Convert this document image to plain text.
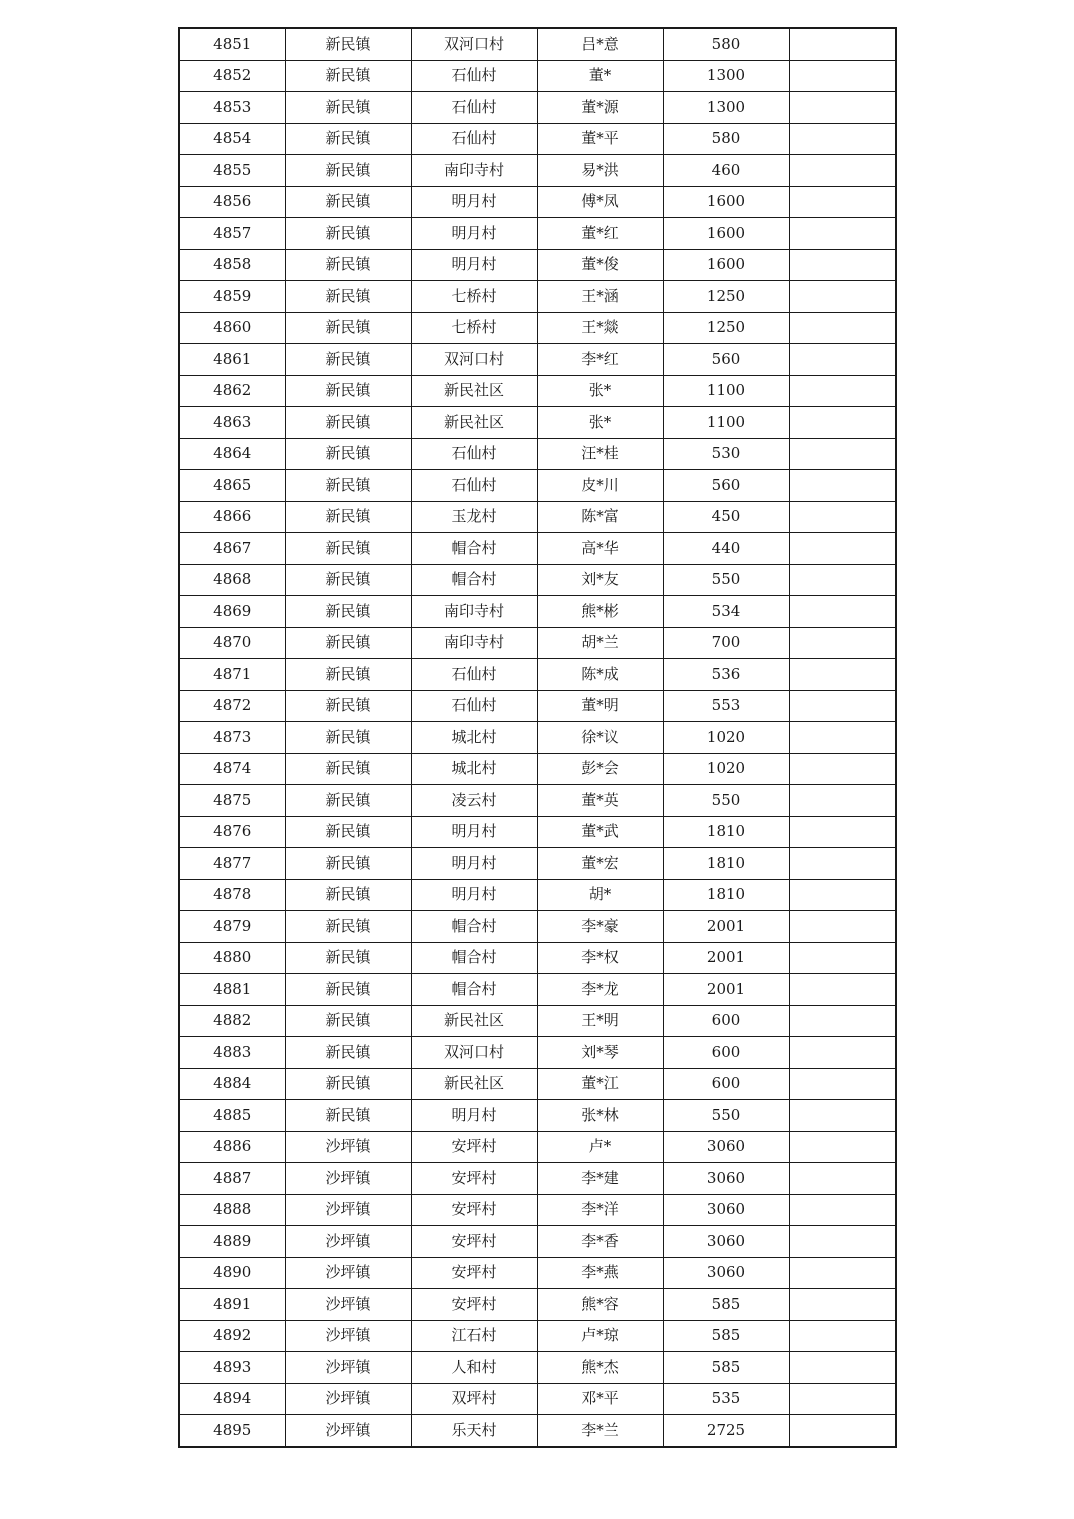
4851	新民镇	双河口村	吕*意	580	
4852	新民镇	石仙村	董*	1300	
4853	新民镇	石仙村	董*源	1300	
4854	新民镇	石仙村	董*平	580	
4855	新民镇	南印寺村	易*洪	460	
4856	新民镇	明月村	傅*凤	1600	
4857	新民镇	明月村	董*红	1600	
4858	新民镇	明月村	董*俊	1600	
4859	新民镇	七桥村	王*涵	1250	
4860	新民镇	七桥村	王*燚	1250	
4861	新民镇	双河口村	李*红	560	
4862	新民镇	新民社区	张*	1100	
4863	新民镇	新民社区	张*	1100	
4864	新民镇	石仙村	汪*桂	530	
4865	新民镇	石仙村	皮*川	560	
4866	新民镇	玉龙村	陈*富	450	
4867	新民镇	帽合村	高*华	440	
4868	新民镇	帽合村	刘*友	550	
4869	新民镇	南印寺村	熊*彬	534	
4870	新民镇	南印寺村	胡*兰	700	
4871	新民镇	石仙村	陈*成	536	
4872	新民镇	石仙村	董*明	553	
4873	新民镇	城北村	徐*议	1020	
4874	新民镇	城北村	彭*会	1020	
4875	新民镇	凌云村	董*英	550	
4876	新民镇	明月村	董*武	1810	
4877	新民镇	明月村	董*宏	1810	
4878	新民镇	明月村	胡*	1810	
4879	新民镇	帽合村	李*豪	2001	
4880	新民镇	帽合村	李*权	2001	
4881	新民镇	帽合村	李*龙	2001	
4882	新民镇	新民社区	王*明	600	
4883	新民镇	双河口村	刘*琴	600	
4884	新民镇	新民社区	董*江	600	
4885	新民镇	明月村	张*林	550	
4886	沙坪镇	安坪村	卢*	3060	
4887	沙坪镇	安坪村	李*建	3060	
4888	沙坪镇	安坪村	李*洋	3060	
4889	沙坪镇	安坪村	李*香	3060	
4890	沙坪镇	安坪村	李*燕	3060	
4891	沙坪镇	安坪村	熊*容	585	
4892	沙坪镇	江石村	卢*琼	585	
4893	沙坪镇	人和村	熊*杰	585	
4894	沙坪镇	双坪村	邓*平	535	
4895	沙坪镇	乐天村	李*兰	2725	
